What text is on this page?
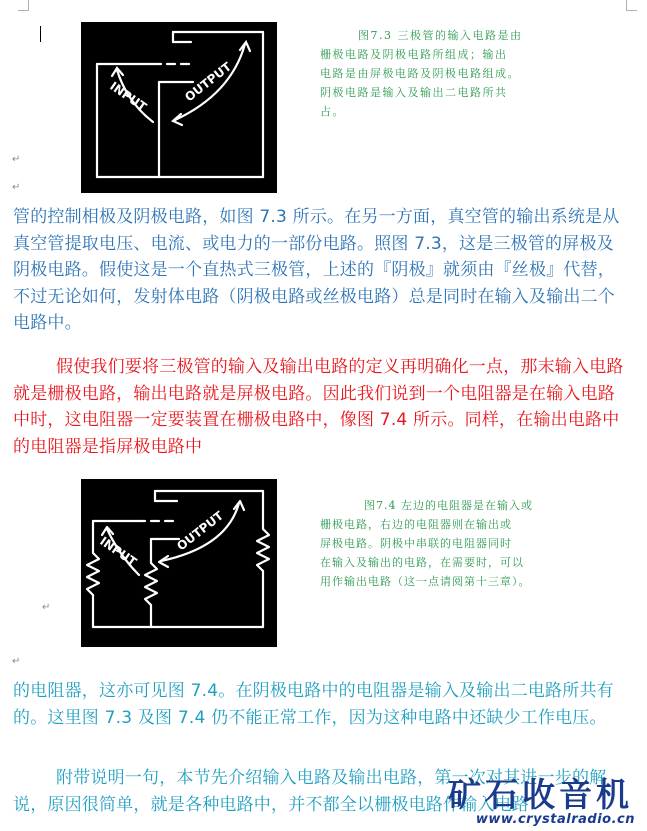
INPUT	OUTPUT
图7.3 三极管的输入电路是由
栅极电路及阴极电路所组成；输出
电路是由屏极电路及阴极电路组成。
阴极电路是输入及输出二电路所共
占。
↵
↵
管的控制相极及阴极电路，如图 7.3 所示。在另一方面，真空管的输出系统是从真空管提取电压、电流、或电力的一部份电路。照图 7.3，这是三极管的屏极及阴极电路。假使这是一个直热式三极管，上述的『阴极』就须由『丝极』代替，不过无论如何，发射体电路（阴极电路或丝极电路）总是同时在输入及输出二个电路中。
假使我们要将三极管的输入及输出电路的定义再明确化一点，那末输入电路就是栅极电路，输出电路就是屏极电路。因此我们说到一个电阻器是在输入电路中时，这电阻器一定要装置在栅极电路中，像图 7.4 所示。同样，在输出电路中的电阻器是指屏极电路中
INPUT	OUTPUT
图7.4 左边的电阻器是在输入或
栅极电路，右边的电阻器则在输出或
屏极电路。阴极中串联的电阻器同时
在输入及输出的电路，在需要时，可以
用作输出电路（这一点请阅第十三章）。
↵
↵
的电阻器，这亦可见图 7.4。在阴极电路中的电阻器是输入及输出二电路所共有的。这里图 7.3 及图 7.4 仍不能正常工作，因为这种电路中还缺少工作电压。
附带说明一句，本节先介绍输入电路及输出电路，第一次对其进一步的解说，原因很简单，就是各种电路中，并不都全以栅极电路作输入电路
矿石收音机
www.crystalradio.cn
